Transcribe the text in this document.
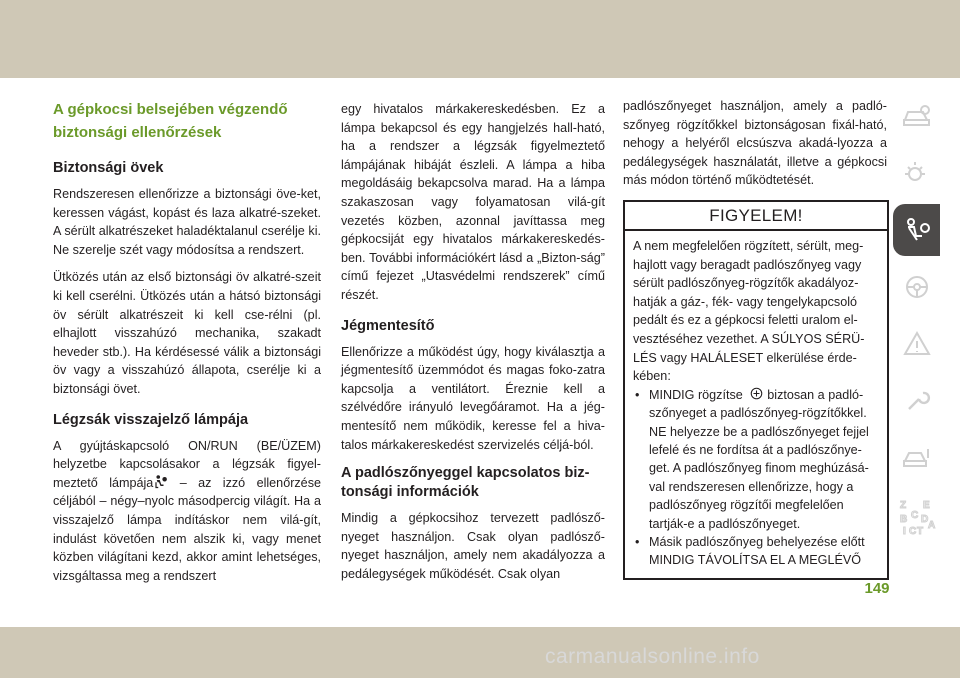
A gépkocsi belsejében végzendő
biztonsági ellenőrzések
Biztonsági övek

Rendszeresen ellenőrizze a biztonsági öve-ket, keressen vágást, kopást és laza alkatré-szeket. A sérült alkatrészeket haladéktalanul cserélje ki. Ne szerelje szét vagy módosítsa a rendszert.

Ütközés után az első biztonsági öv alkatré-szeit ki kell cserélni. Ütközés után a hátsó biztonsági öv sérült alkatrészeit ki kell cse-rélni (pl. elhajlott visszahúzó mechanika, szakadt heveder stb.). Ha kérdésessé válik a biztonsági öv vagy a visszahúzó állapota, cserélje ki a biztonsági övet.

Légzsák visszajelző lámpája

A gyújtáskapcsoló ON/RUN (BE/ÜZEM) helyzetbe kapcsolásakor a légzsák figyel-meztető lámpája – az izzó ellenőrzése céljából – négy–nyolc másodpercig világít. Ha a visszajelző lámpa indításkor nem vilá-gít, indulást követően nem alszik ki, vagy menet közben világítani kezd, akkor amint lehetséges, vizsgáltassa meg a rendszert

egy hivatalos márkakereskedésben. Ez a lámpa bekapcsol és egy hangjelzés hall-ható, ha a rendszer a légzsák figyelmeztető lámpájának hibáját észleli. A lámpa a hiba megoldásáig bekapcsolva marad. Ha a lámpa szakaszosan vagy folyamatosan vilá-gít vezetés közben, azonnal javíttassa meg gépkocsiját egy hivatalos márkakereskedés-ben. További információkért lásd a „Bizton-ság” című fejezet „Utasvédelmi rendszerek” című részét.

Jégmentesítő

Ellenőrizze a működést úgy, hogy kiválasztja a jégmentesítő üzemmódot és magas foko-zatra kapcsolja a ventilátort. Éreznie kell a szélvédőre irányuló levegőáramot. Ha a jég-mentesítő nem működik, keresse fel a hiva-talos márkakereskedést szervizelés céljá-ból.

A padlószőnyeggel kapcsolatos biz-tonsági információk

Mindig a gépkocsihoz tervezett padlósző-nyeget használjon. Csak olyan padlósző-nyeget használjon, amely nem akadályozza a pedálegységek működését. Csak olyan

padlószőnyeget használjon, amely a padló-szőnyeg rögzítőkkel biztonságosan fixál-ható, nehogy a helyéről elcsúszva akadá-lyozza a pedálegységek használatát, illetve a gépkocsi más módon történő működtetését.

FIGYELEM!

A nem megfelelően rögzített, sérült, meg-hajlott vagy beragadt padlószőnyeg vagy sérült padlószőnyeg-rögzítők akadályoz-hatják a gáz-, fék- vagy tengelykapcsoló pedált és ez a gépkocsi feletti uralom el-vesztéséhez vezethet. A SÚLYOS SÉRÜ-LÉS vagy HALÁLESET elkerülése érde-kében:

• MINDIG rögzítse biztosan a padló-szőnyeget a padlószőnyeg-rögzítőkkel. NE helyezze be a padlószőnyeget fejjel lefelé és ne fordítsa át a padlószőnye-get. A padlószőnyeg finom meghúzásá-val rendszeresen ellenőrizze, hogy a padlószőnyeg rögzítői megfelelően tartják-e a padlószőnyeget.
• Másik padlószőnyeg behelyezése előtt MINDIG TÁVOLÍTSA EL A MEGLÉVŐ
Z E
B C D
A
I C T
149
carmanualsonline.info
